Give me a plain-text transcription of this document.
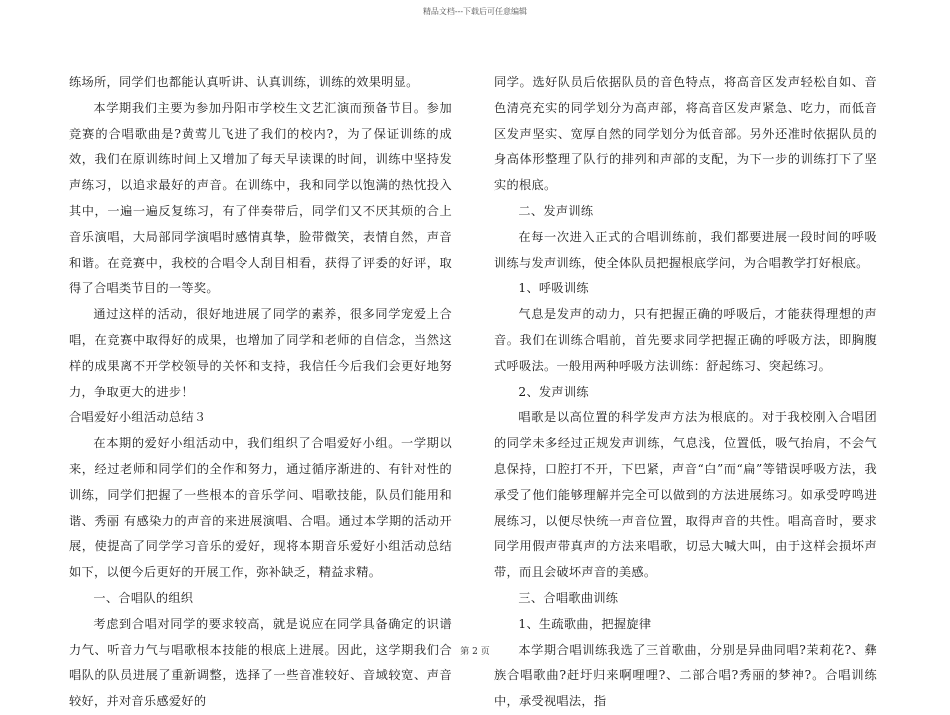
精品文档---下载后可任意编辑

练场所，同学们也都能认真听讲、认真训练，训练的效果明显。

本学期我们主要为参加丹阳市学校生文艺汇演而预备节目。参加竞赛的合唱歌曲是?黄莺儿飞进了我们的校内?，为了保证训练的成效，我们在原训练时间上又增加了每天早读课的时间，训练中坚持发声练习，以追求最好的声音。在训练中，我和同学以饱满的热忱投入其中，一遍一遍反复练习，有了伴奏带后，同学们又不厌其烦的合上音乐演唱，大局部同学演唱时感情真挚，脸带微笑，表情自然，声音和谐。在竞赛中，我校的合唱令人刮目相看，获得了评委的好评，取得了合唱类节目的一等奖。

通过这样的活动，很好地进展了同学的素养，很多同学宠爱上合唱，在竞赛中取得好的成果，也增加了同学和老师的自信念，当然这样的成果离不开学校领导的关怀和支持，我信任今后我们会更好地努力，争取更大的进步！

合唱爱好小组活动总结３

在本期的爱好小组活动中，我们组织了合唱爱好小组。一学期以来，经过老师和同学们的全作和努力，通过循序渐进的、有针对性的训练，同学们把握了一些根本的音乐学问、唱歌技能，队员们能用和谐、秀丽 有感染力的声音的来进展演唱、合唱。通过本学期的活动开展，使提高了同学学习音乐的爱好，现将本期音乐爱好小组活动总结如下，以便今后更好的开展工作，弥补缺乏，精益求精。

一、合唱队的组织

考虑到合唱对同学的要求较高，就是说应在同学具备确定的识谱力气、听音力气与唱歌根本技能的根底上进展。因此，这学期我们合唱队的队员进展了重新调整，选择了一些音准较好、音域较宽、声音较好，并对音乐感爱好的

同学。选好队员后依据队员的音色特点，将高音区发声轻松自如、音色清亮充实的同学划分为高声部，将高音区发声紧急、吃力，而低音区发声坚实、宽厚自然的同学划分为低音部。另外还准时依据队员的身高体形整理了队行的排列和声部的支配，为下一步的训练打下了坚实的根底。

二、发声训练

在每一次进入正式的合唱训练前，我们都要进展一段时间的呼吸训练与发声训练，使全体队员把握根底学问，为合唱教学打好根底。

1、呼吸训练

气息是发声的动力，只有把握正确的呼吸后，才能获得理想的声音。我们在训练合唱前，首先要求同学把握正确的呼吸方法，即胸腹式呼吸法。一般用两种呼吸方法训练：舒起练习、突起练习。

2、发声训练

唱歌是以高位置的科学发声方法为根底的。对于我校刚入合唱团的同学未多经过正规发声训练，气息浅，位置低，吸气抬肩，不会气息保持，口腔打不开，下巴紧，声音“白”而“扁”等错误呼吸方法，我承受了他们能够理解并完全可以做到的方法进展练习。如承受哼鸣进展练习，以便尽快统一声音位置，取得声音的共性。唱高音时，要求同学用假声带真声的方法来唱歌，切忌大喊大叫，由于这样会损坏声带，而且会破坏声音的美感。

三、合唱歌曲训练

1、生疏歌曲，把握旋律

本学期合唱训练我选了三首歌曲，分别是异曲同唱?茉莉花?、彝族合唱歌曲?赶圩归来啊哩哩?、二部合唱?秀丽的梦神?。合唱训练中，承受视唱法，指

第 2 页
